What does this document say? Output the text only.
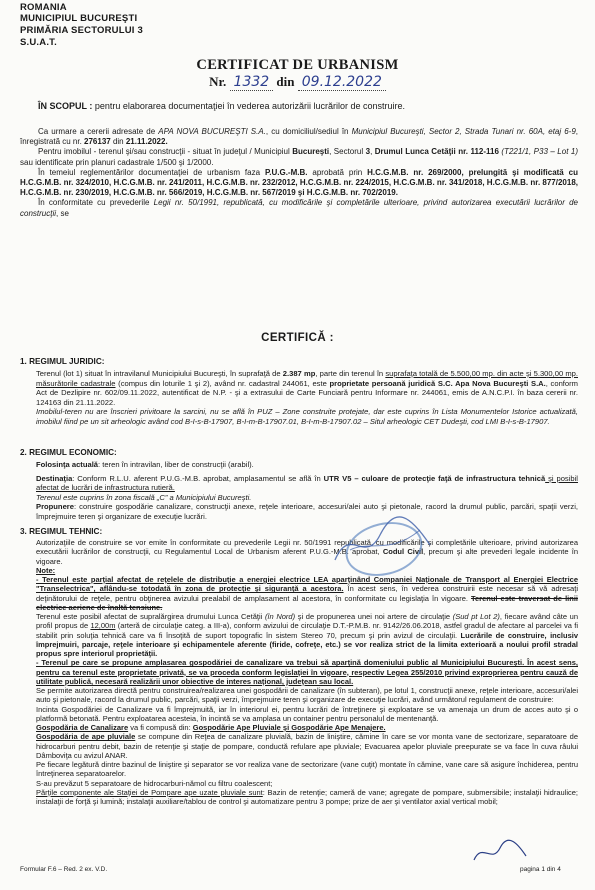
ROMANIA
MUNICIPIUL BUCUREŞTI
PRIMĂRIA SECTORULUI 3
S.U.A.T.
CERTIFICAT DE URBANISM
Nr. 1332 din 09.12.2022

ÎN SCOPUL : pentru elaborarea documentaţiei în vederea autorizării lucrărilor de construire.

Ca urmare a cererii adresate de APA NOVA BUCUREŞTI S.A., cu domiciliul/sediul în Municipiul Bucureşti, Sector 2, Strada Tunari nr. 60A, etaj 6-9, înregistrată cu nr. 276137 din 21.11.2022.

Pentru imobilul - terenul şi/sau construcţii - situat în judeţul / Municipiul Bucureşti, Sectorul 3, Drumul Lunca Cetăţii nr. 112-116 (T221/1, P33 – Lot 1) sau identificate prin planuri cadastrale 1/500 şi 1/2000.

În temeiul reglementărilor documentaţiei de urbanism faza P.U.G.-M.B. aprobată prin H.C.G.M.B. nr. 269/2000, prelungită şi modificată cu H.C.G.M.B. nr. 324/2010, H.C.G.M.B. nr. 241/2011, H.C.G.M.B. nr. 232/2012, H.C.G.M.B. nr. 224/2015, H.C.G.M.B. nr. 341/2018, H.C.G.M.B. nr. 877/2018, H.C.G.M.B. nr. 230/2019, H.C.G.M.B. nr. 566/2019, H.C.G.M.B. nr. 567/2019 şi H.C.G.M.B. nr. 702/2019.

În conformitate cu prevederile Legii nr. 50/1991, republicată, cu modificările şi completările ulterioare, privind autorizarea executării lucrărilor de construcţii, se

CERTIFICĂ :
1. REGIMUL JURIDIC:

Terenul (lot 1) situat în intravilanul Municipiului Bucureşti, în suprafaţă de 2.387 mp, parte din terenul în suprafaţa totală de 5.500,00 mp. din acte şi 5.300,00 mp. măsurătorile cadastrale (compus din loturile 1 şi 2), având nr. cadastral 244061, este proprietate persoană juridică S.C. Apa Nova Bucureşti S.A., conform Act de Dezlipire nr. 602/09.11.2022, autentificat de N.P. - şi a extrasului de Carte Funciară pentru Informare nr. 244061, emis de A.N.C.P.I. în baza cererii nr. 124163 din 21.11.2022.

Imobilul-teren nu are înscrieri privitoare la sarcini, nu se află în PUZ – Zone construite protejate, dar este cuprins în Lista Monumentelor Istorice actualizată, imobilul fiind pe un sit arheologic având cod B-I-s-B-17907, B-I-m-B-17907.01, B-I-m-B-17907.02 – Situl arheologic CET Dudeşti, cod LMI B-I-s-B-17907.

2. REGIMUL ECONOMIC:

Folosinţa actuală: teren în intravilan, liber de construcţii (arabil).

Destinaţia: Conform R.L.U. aferent P.U.G.-M.B. aprobat, amplasamentul se află în UTR V5 – culoare de protecţie faţă de infrastructura tehnică şi posibil afectat de lucrări de infrastructura rutieră.

Terenul este cuprins în zona fiscală „C” a Municipiului Bucureşti.

Propunere: construire gospodărie canalizare, construcţii anexe, reţele interioare, accesuri/alei auto şi pietonale, racord la drumul public, parcări, spaţii verzi, împrejmuire teren şi organizare de execuţie lucrări.

3. REGIMUL TEHNIC:

Autorizaţiile de construire se vor emite în conformitate cu prevederile Legii nr. 50/1991 republicată, cu modificările şi completările ulterioare, privind autorizarea executării lucrărilor de construcţii, cu Regulamentul Local de Urbanism aferent P.U.G.-M.B. aprobat, Codul Civil, precum şi alte prevederi legale incidente în vigoare.

Note:

- Terenul este parţial afectat de reţelele de distribuţie a energiei electrice LEA aparţinând Companiei Naţionale de Transport al Energiei Electrice "Transelectrica", aflându-se totodată în zona de protecţie şi siguranţă a acestora. În acest sens, în vederea construirii este necesar să vă adresaţi deţinătorului de reţele, pentru obţinerea avizului prealabil de amplasament al acestora, în conformitate cu legislaţia în vigoare. Terenul este traversat de linii electrice aeriene de înaltă tensiune.

Terenul este posibil afectat de supralărgirea drumului Lunca Cetăţii (în Nord) şi de propunerea unei noi artere de circulaţie (Sud pt Lot 2), fiecare având câte un profil propus de 12,00m (arteră de circulaţie categ. a III-a), conform avizului de circulaţie D.T.-P.M.B. nr. 9142/26.06.2018, astfel gradul de afectare al parcelei va fi stabilit prin soluţia tehnică care va fi însoţită de suport topografic în sistem Stereo 70, precum şi prin avizul de circulaţii. Lucrările de construire, inclusiv împrejmuiri, parcaje, reţele interioare şi echipamentele aferente (firide, cofreţe, etc.) se vor realiza strict de la limita exterioară a noului profil stradal propus spre interiorul proprietăţii.

- Terenul pe care se propune amplasarea gospodăriei de canalizare va trebui să aparţină domeniului public al Municipiului Bucureşti. În acest sens, pentru ca terenul este proprietate privată, se va proceda conform legislaţiei în vigoare, respectiv Legea 255/2010 privind exproprierea pentru cauză de utilitate publică, necesară realizării unor obiective de interes naţional, judeţean sau local.

Se permite autorizarea directă pentru construirea/realizarea unei gospodării de canalizare (în subteran), pe lotul 1, construcţii anexe, reţele interioare, accesuri/alei auto şi pietonale, racord la drumul public, parcări, spaţii verzi, împrejmuire teren şi organizare de execuţie lucrări, având următorul regulament de construire:

Incinta Gospodăriei de Canalizare va fi împrejmuită, iar în interiorul ei, pentru lucrări de întreţinere şi exploatare se va amenaja un drum de acces auto şi o platformă betonată. Pentru exploatarea acesteia, în incintă se va amplasa un container pentru personalul de mentenanţă.

Gospodăria de Canalizare va fi compusă din: Gospodărie Ape Pluviale şi Gospodărie Ape Menajere.

Gospodăria de ape pluviale se compune din Reţea de canalizare pluvială, bazin de liniştire, cămine în care se vor monta vane de sectorizare, separatoare de hidrocarburi pentru debit, bazin de retenţie şi staţie de pompare, conductă refulare ape pluviale; Evacuarea apelor pluviale preepurate se va face în cuva râului Dâmboviţa cu avizul ANAR.

Pe fiecare legătură dintre bazinul de liniştire şi separator se vor realiza vane de sectorizare (vane cuţit) montate în cămine, vane care să asigure închiderea, pentru întreţinerea separatoarelor.

S-au prevăzut 5 separatoare de hidrocarburi-nămol cu filtru coalescent;

Părţile componente ale Staţiei de Pompare ape uzate pluviale sunt: Bazin de retenţie; cameră de vane; agregate de pompare, submersibile; instalaţii hidraulice; instalaţii de forţă şi lumină; instalaţii auxiliare/tablou de control şi automatizare pentru 3 pompe; prize de aer şi ventilator axial vertical mobil;

Formular F.6 – Red. 2 ex. V.D.	pagina 1 din 4
